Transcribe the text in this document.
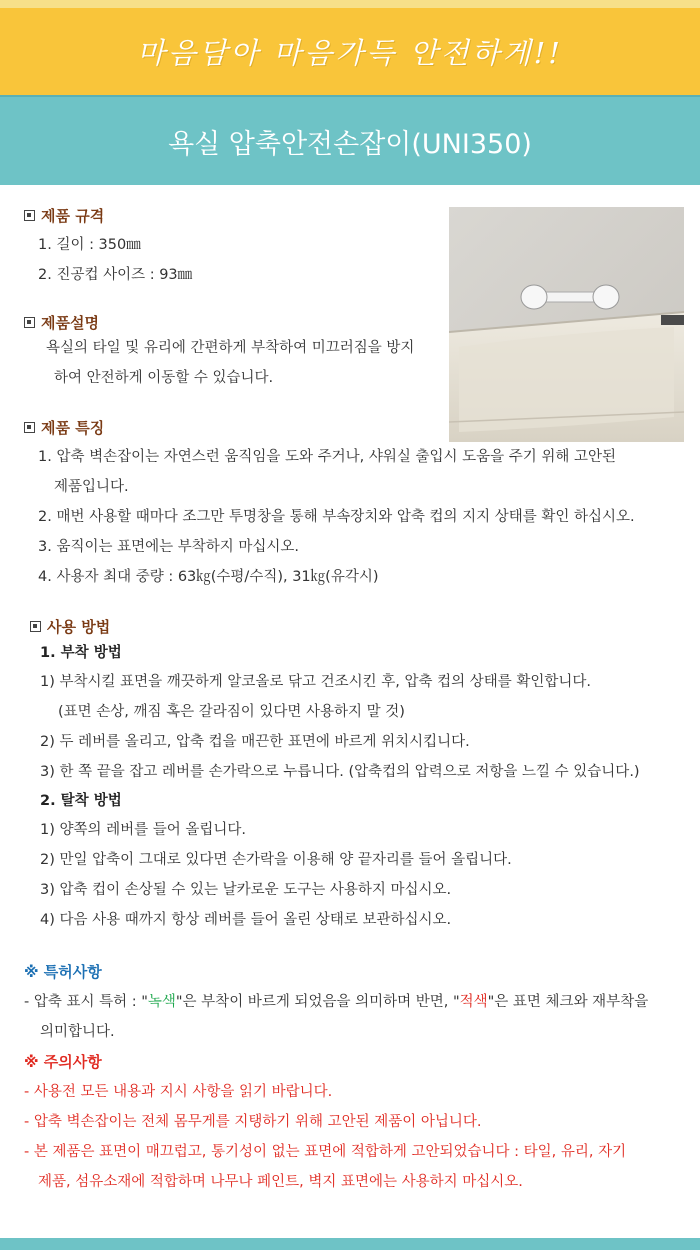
마음담아 마음가득 안전하게!!
욕실 압축안전손잡이(UNI350)
제품 규격
1. 길이 : 350㎜
2. 진공컵 사이즈 : 93㎜
제품설명
욕실의 타일 및 유리에 간편하게 부착하여 미끄러짐을 방지
하여 안전하게 이동할 수 있습니다.
제품 특징
1. 압축 벽손잡이는 자연스런 움직임을 도와 주거나, 샤워실 출입시 도움을 주기 위해 고안된
제품입니다.
2. 매번 사용할 때마다 조그만 투명창을 통해 부속장치와 압축 컵의 지지 상태를 확인 하십시오.
3. 움직이는 표면에는 부착하지 마십시오.
4. 사용자 최대 중량 : 63㎏(수평/수직), 31㎏(유각시)
사용 방법
1. 부착 방법
1) 부착시킬 표면을 깨끗하게 알코올로 닦고 건조시킨 후, 압축 컵의 상태를 확인합니다.
(표면 손상, 깨짐 혹은 갈라짐이 있다면 사용하지 말 것)
2) 두 레버를 올리고, 압축 컵을 매끈한 표면에 바르게 위치시킵니다.
3) 한 쪽 끝을 잡고 레버를 손가락으로 누릅니다. (압축컵의 압력으로 저항을 느낄 수 있습니다.)
2. 탈착 방법
1) 양쪽의 레버를 들어 올립니다.
2) 만일 압축이 그대로 있다면 손가락을 이용해 양 끝자리를 들어 올립니다.
3) 압축 컵이 손상될 수 있는 날카로운 도구는 사용하지 마십시오.
4) 다음 사용 때까지 항상 레버를 들어 올린 상태로 보관하십시오.
※ 특허사항
- 압축 표시 특허 : "녹색"은 부착이 바르게 되었음을 의미하며 반면, "적색"은 표면 체크와 재부착을
의미합니다.
※ 주의사항
- 사용전 모든 내용과 지시 사항을 읽기 바랍니다.
- 압축 벽손잡이는 전체 몸무게를 지탱하기 위해 고안된 제품이 아닙니다.
- 본 제품은 표면이 매끄럽고, 통기성이 없는 표면에 적합하게 고안되었습니다 : 타일, 유리, 자기
제품, 섬유소재에 적합하며 나무나 페인트, 벽지 표면에는 사용하지 마십시오.
